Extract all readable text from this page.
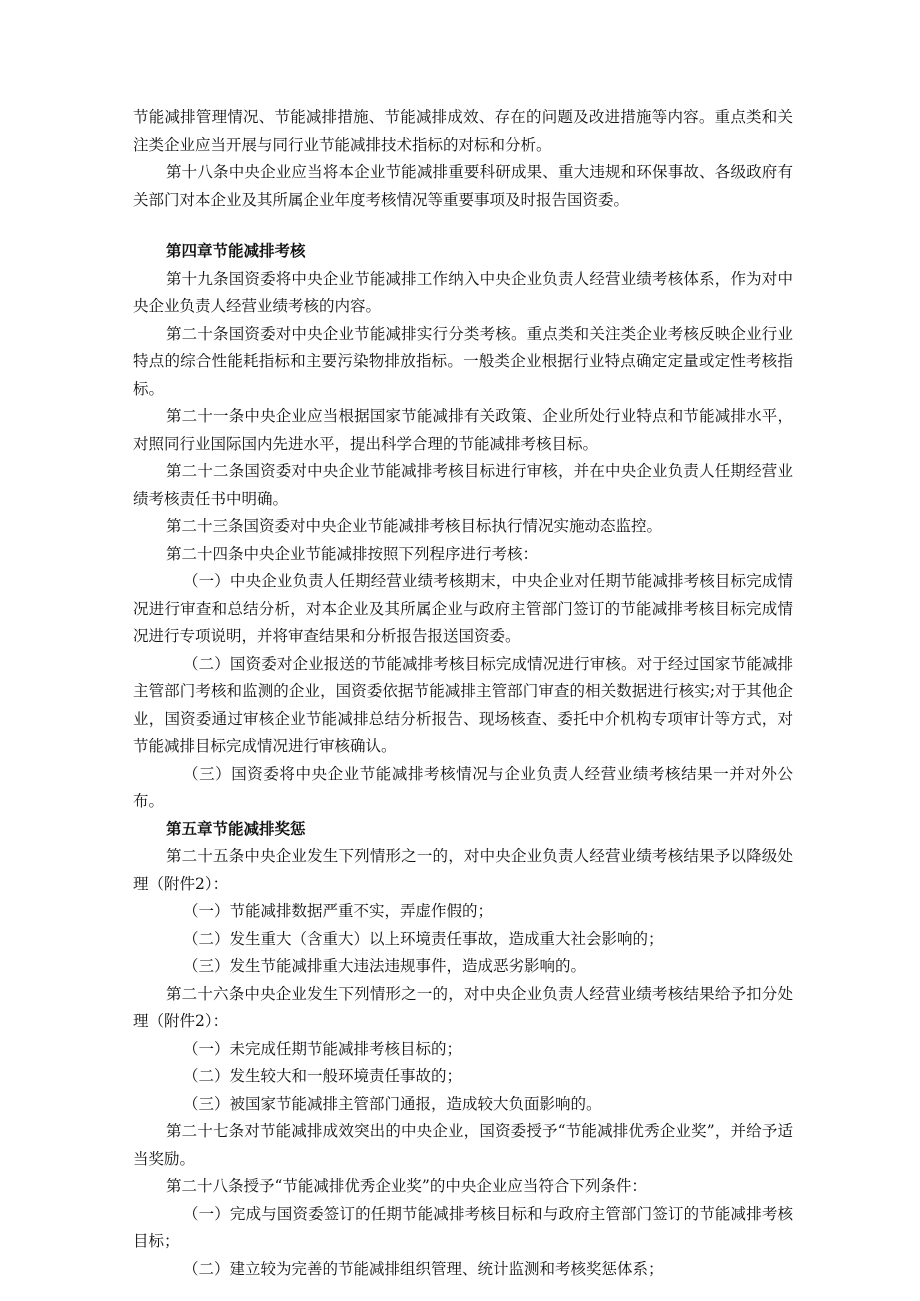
节能减排管理情况、节能减排措施、节能减排成效、存在的问题及改进措施等内容。重点类和关注类企业应当开展与同行业节能减排技术指标的对标和分析。

第十八条中央企业应当将本企业节能减排重要科研成果、重大违规和环保事故、各级政府有关部门对本企业及其所属企业年度考核情况等重要事项及时报告国资委。

第四章节能减排考核

第十九条国资委将中央企业节能减排工作纳入中央企业负责人经营业绩考核体系，作为对中央企业负责人经营业绩考核的内容。

第二十条国资委对中央企业节能减排实行分类考核。重点类和关注类企业考核反映企业行业特点的综合性能耗指标和主要污染物排放指标。一般类企业根据行业特点确定定量或定性考核指标。

第二十一条中央企业应当根据国家节能减排有关政策、企业所处行业特点和节能减排水平，对照同行业国际国内先进水平，提出科学合理的节能减排考核目标。

第二十二条国资委对中央企业节能减排考核目标进行审核，并在中央企业负责人任期经营业绩考核责任书中明确。

第二十三条国资委对中央企业节能减排考核目标执行情况实施动态监控。

第二十四条中央企业节能减排按照下列程序进行考核：

（一）中央企业负责人任期经营业绩考核期末，中央企业对任期节能减排考核目标完成情况进行审查和总结分析，对本企业及其所属企业与政府主管部门签订的节能减排考核目标完成情况进行专项说明，并将审查结果和分析报告报送国资委。

（二）国资委对企业报送的节能减排考核目标完成情况进行审核。对于经过国家节能减排主管部门考核和监测的企业，国资委依据节能减排主管部门审查的相关数据进行核实;对于其他企业，国资委通过审核企业节能减排总结分析报告、现场核查、委托中介机构专项审计等方式，对节能减排目标完成情况进行审核确认。

（三）国资委将中央企业节能减排考核情况与企业负责人经营业绩考核结果一并对外公布。

第五章节能减排奖惩

第二十五条中央企业发生下列情形之一的，对中央企业负责人经营业绩考核结果予以降级处理（附件2）：

（一）节能减排数据严重不实，弄虚作假的；

（二）发生重大（含重大）以上环境责任事故，造成重大社会影响的；

（三）发生节能减排重大违法违规事件，造成恶劣影响的。

第二十六条中央企业发生下列情形之一的，对中央企业负责人经营业绩考核结果给予扣分处理（附件2）：

（一）未完成任期节能减排考核目标的；

（二）发生较大和一般环境责任事故的；

（三）被国家节能减排主管部门通报，造成较大负面影响的。

第二十七条对节能减排成效突出的中央企业，国资委授予“节能减排优秀企业奖”，并给予适当奖励。

第二十八条授予“节能减排优秀企业奖”的中央企业应当符合下列条件：

（一）完成与国资委签订的任期节能减排考核目标和与政府主管部门签订的节能减排考核目标；

（二）建立较为完善的节能减排组织管理、统计监测和考核奖惩体系；
